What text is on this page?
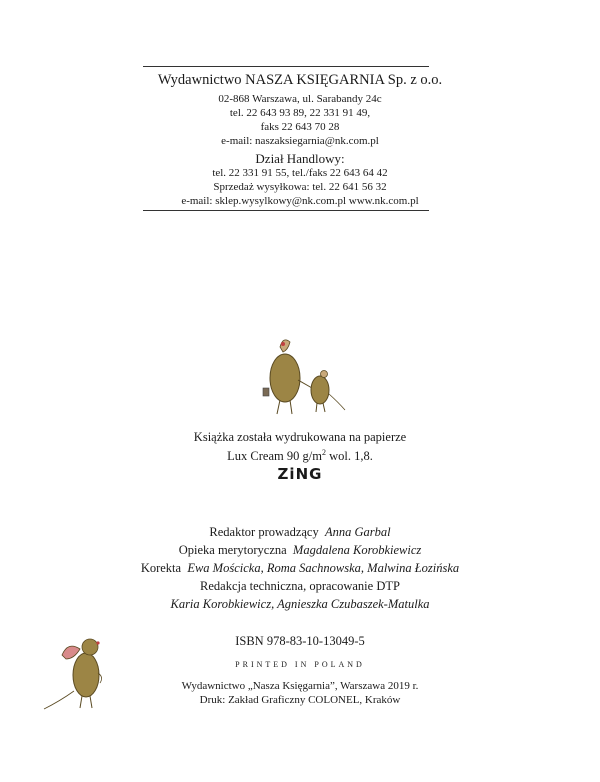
Wydawnictwo NASZA KSIĘGARNIA Sp. z o.o.
02-868 Warszawa, ul. Sarabandy 24c
tel. 22 643 93 89, 22 331 91 49,
faks 22 643 70 28
e-mail: naszaksiegarnia@nk.com.pl
Dział Handlowy:
tel. 22 331 91 55, tel./faks 22 643 64 42
Sprzedaż wysyłkowa: tel. 22 641 56 32
e-mail: sklep.wysylkowy@nk.com.pl www.nk.com.pl
Książka została wydrukowana na papierze
Lux Cream 90 $g/m^2$ wol. 1,8.
ZiNG
Redaktor prowadzący Anna Garbal
Opieka merytoryczna Magdalena Korobkiewicz
Korekta Ewa Mościcka, Roma Sachnowska, Malwina Łozińska
Redakcja techniczna, opracowanie DTP
Karia Korobkiewicz, Agnieszka Czubaszek-Matulka
ISBN 978-83-10-13049-5
PRINTED IN POLAND
Wydawnictwo „Nasza Księgarnia”, Warszawa 2019 r.
Druk: Zakład Graficzny COLONEL, Kraków
